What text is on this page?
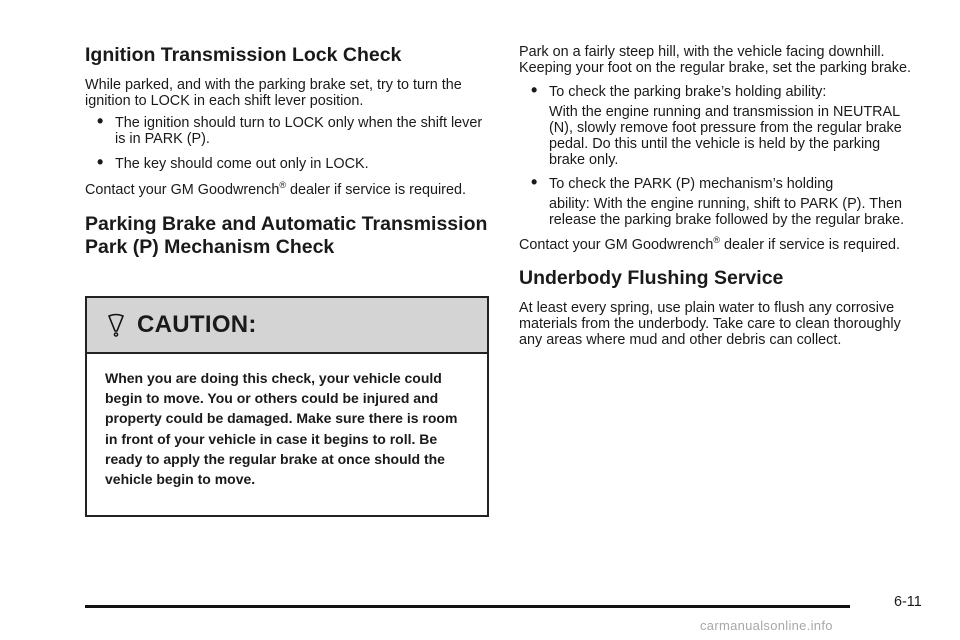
Ignition Transmission Lock Check

While parked, and with the parking brake set, try to turn the ignition to LOCK in each shift lever position.

• The ignition should turn to LOCK only when the shift lever is in PARK (P).
• The key should come out only in LOCK.

Contact your GM Goodwrench® dealer if service is required.

Parking Brake and Automatic Transmission Park (P) Mechanism Check
CAUTION:
When you are doing this check, your vehicle could begin to move. You or others could be injured and property could be damaged. Make sure there is room in front of your vehicle in case it begins to roll. Be ready to apply the regular brake at once should the vehicle begin to move.

Park on a fairly steep hill, with the vehicle facing downhill. Keeping your foot on the regular brake, set the parking brake.

• To check the parking brake’s holding ability:
With the engine running and transmission in NEUTRAL (N), slowly remove foot pressure from the regular brake pedal. Do this until the vehicle is held by the parking brake only.
• To check the PARK (P) mechanism’s holding
ability: With the engine running, shift to PARK (P). Then release the parking brake followed by the regular brake.

Contact your GM Goodwrench® dealer if service is required.

Underbody Flushing Service

At least every spring, use plain water to flush any corrosive materials from the underbody. Take care to clean thoroughly any areas where mud and other debris can collect.

6-11
carmanualsonline.info
